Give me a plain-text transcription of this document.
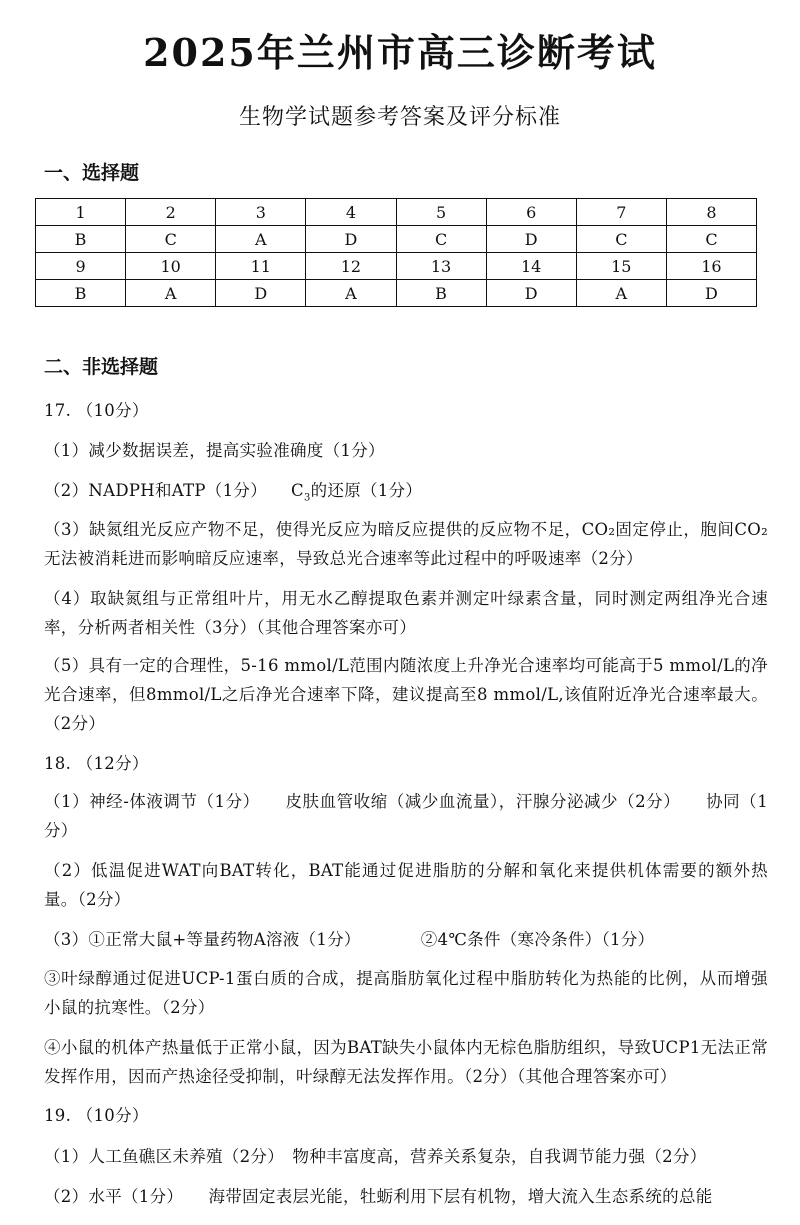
2025年兰州市高三诊断考试
生物学试题参考答案及评分标准
一、选择题
1	2	3	4	5	6	7	8
B	C	A	D	C	D	C	C
9	10	11	12	13	14	15	16
B	A	D	A	B	D	A	D
二、非选择题
17. （10分）
（1）减少数据误差，提高实验准确度（1分）
（2）NADPH和ATP（1分） $C_3$的还原（1分）
（3）缺氮组光反应产物不足，使得光反应为暗反应提供的反应物不足，CO₂固定停止，胞间CO₂无法被消耗进而影响暗反应速率，导致总光合速率等此过程中的呼吸速率（2分）
（4）取缺氮组与正常组叶片，用无水乙醇提取色素并测定叶绿素含量，同时测定两组净光合速率，分析两者相关性（3分）（其他合理答案亦可）
（5）具有一定的合理性，5-16 mmol/L范围内随浓度上升净光合速率均可能高于5 mmol/L的净光合速率，但8mmol/L之后净光合速率下降，建议提高至8 mmol/L,该值附近净光合速率最大。（2分）
18. （12分）
（1）神经-体液调节（1分）　　皮肤血管收缩（减少血流量），汗腺分泌减少（2分）　　协同（1分）
（2）低温促进WAT向BAT转化，BAT能通过促进脂肪的分解和氧化来提供机体需要的额外热量。（2分）
（3）①正常大鼠+等量药物A溶液（1分）	②4℃条件（寒冷条件）（1分）
③叶绿醇通过促进UCP-1蛋白质的合成，提高脂肪氧化过程中脂肪转化为热能的比例，从而增强小鼠的抗寒性。（2分）
④小鼠的机体产热量低于正常小鼠，因为BAT缺失小鼠体内无棕色脂肪组织，导致UCP1无法正常发挥作用，因而产热途径受抑制，叶绿醇无法发挥作用。（2分）（其他合理答案亦可）
19. （10分）
（1）人工鱼礁区未养殖（2分）　物种丰富度高，营养关系复杂，自我调节能力强（2分）
（2）水平（1分）　　海带固定表层光能，牡蛎利用下层有机物，增大流入生态系统的总能
